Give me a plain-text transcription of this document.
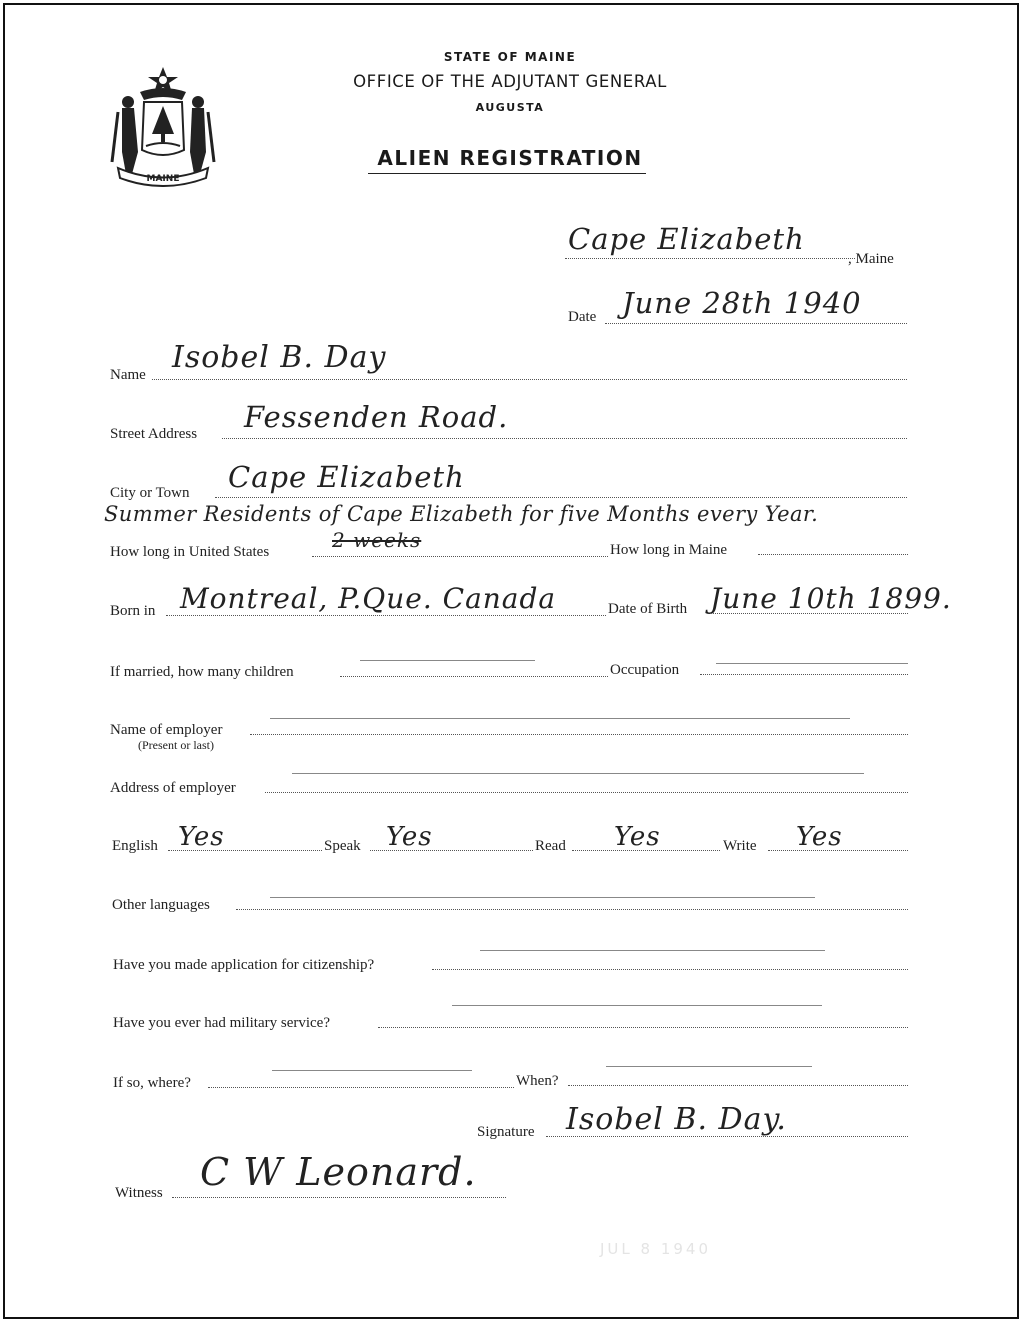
MAINE
STATE OF MAINE
OFFICE OF THE ADJUTANT GENERAL
AUGUSTA
ALIEN REGISTRATION
Cape Elizabeth
, Maine
Date June 28th 1940
Name Isobel B. Day
Street Address Fessenden Road.
City or Town Cape Elizabeth
Summer Residents of Cape Elizabeth for five Months every Year.
How long in United States	2 weeks	How long in Maine
Born in Montreal, P.Que. Canada	Date of Birth June 10th 1899.
If married, how many children	Occupation
Name of employer
(Present or last)
Address of employer
English Yes	Speak Yes	Read Yes	Write Yes
Other languages
Have you made application for citizenship?
Have you ever had military service?
If so, where?	When?
Signature Isobel B. Day.
Witness C W Leonard.
JUL 8 1940
